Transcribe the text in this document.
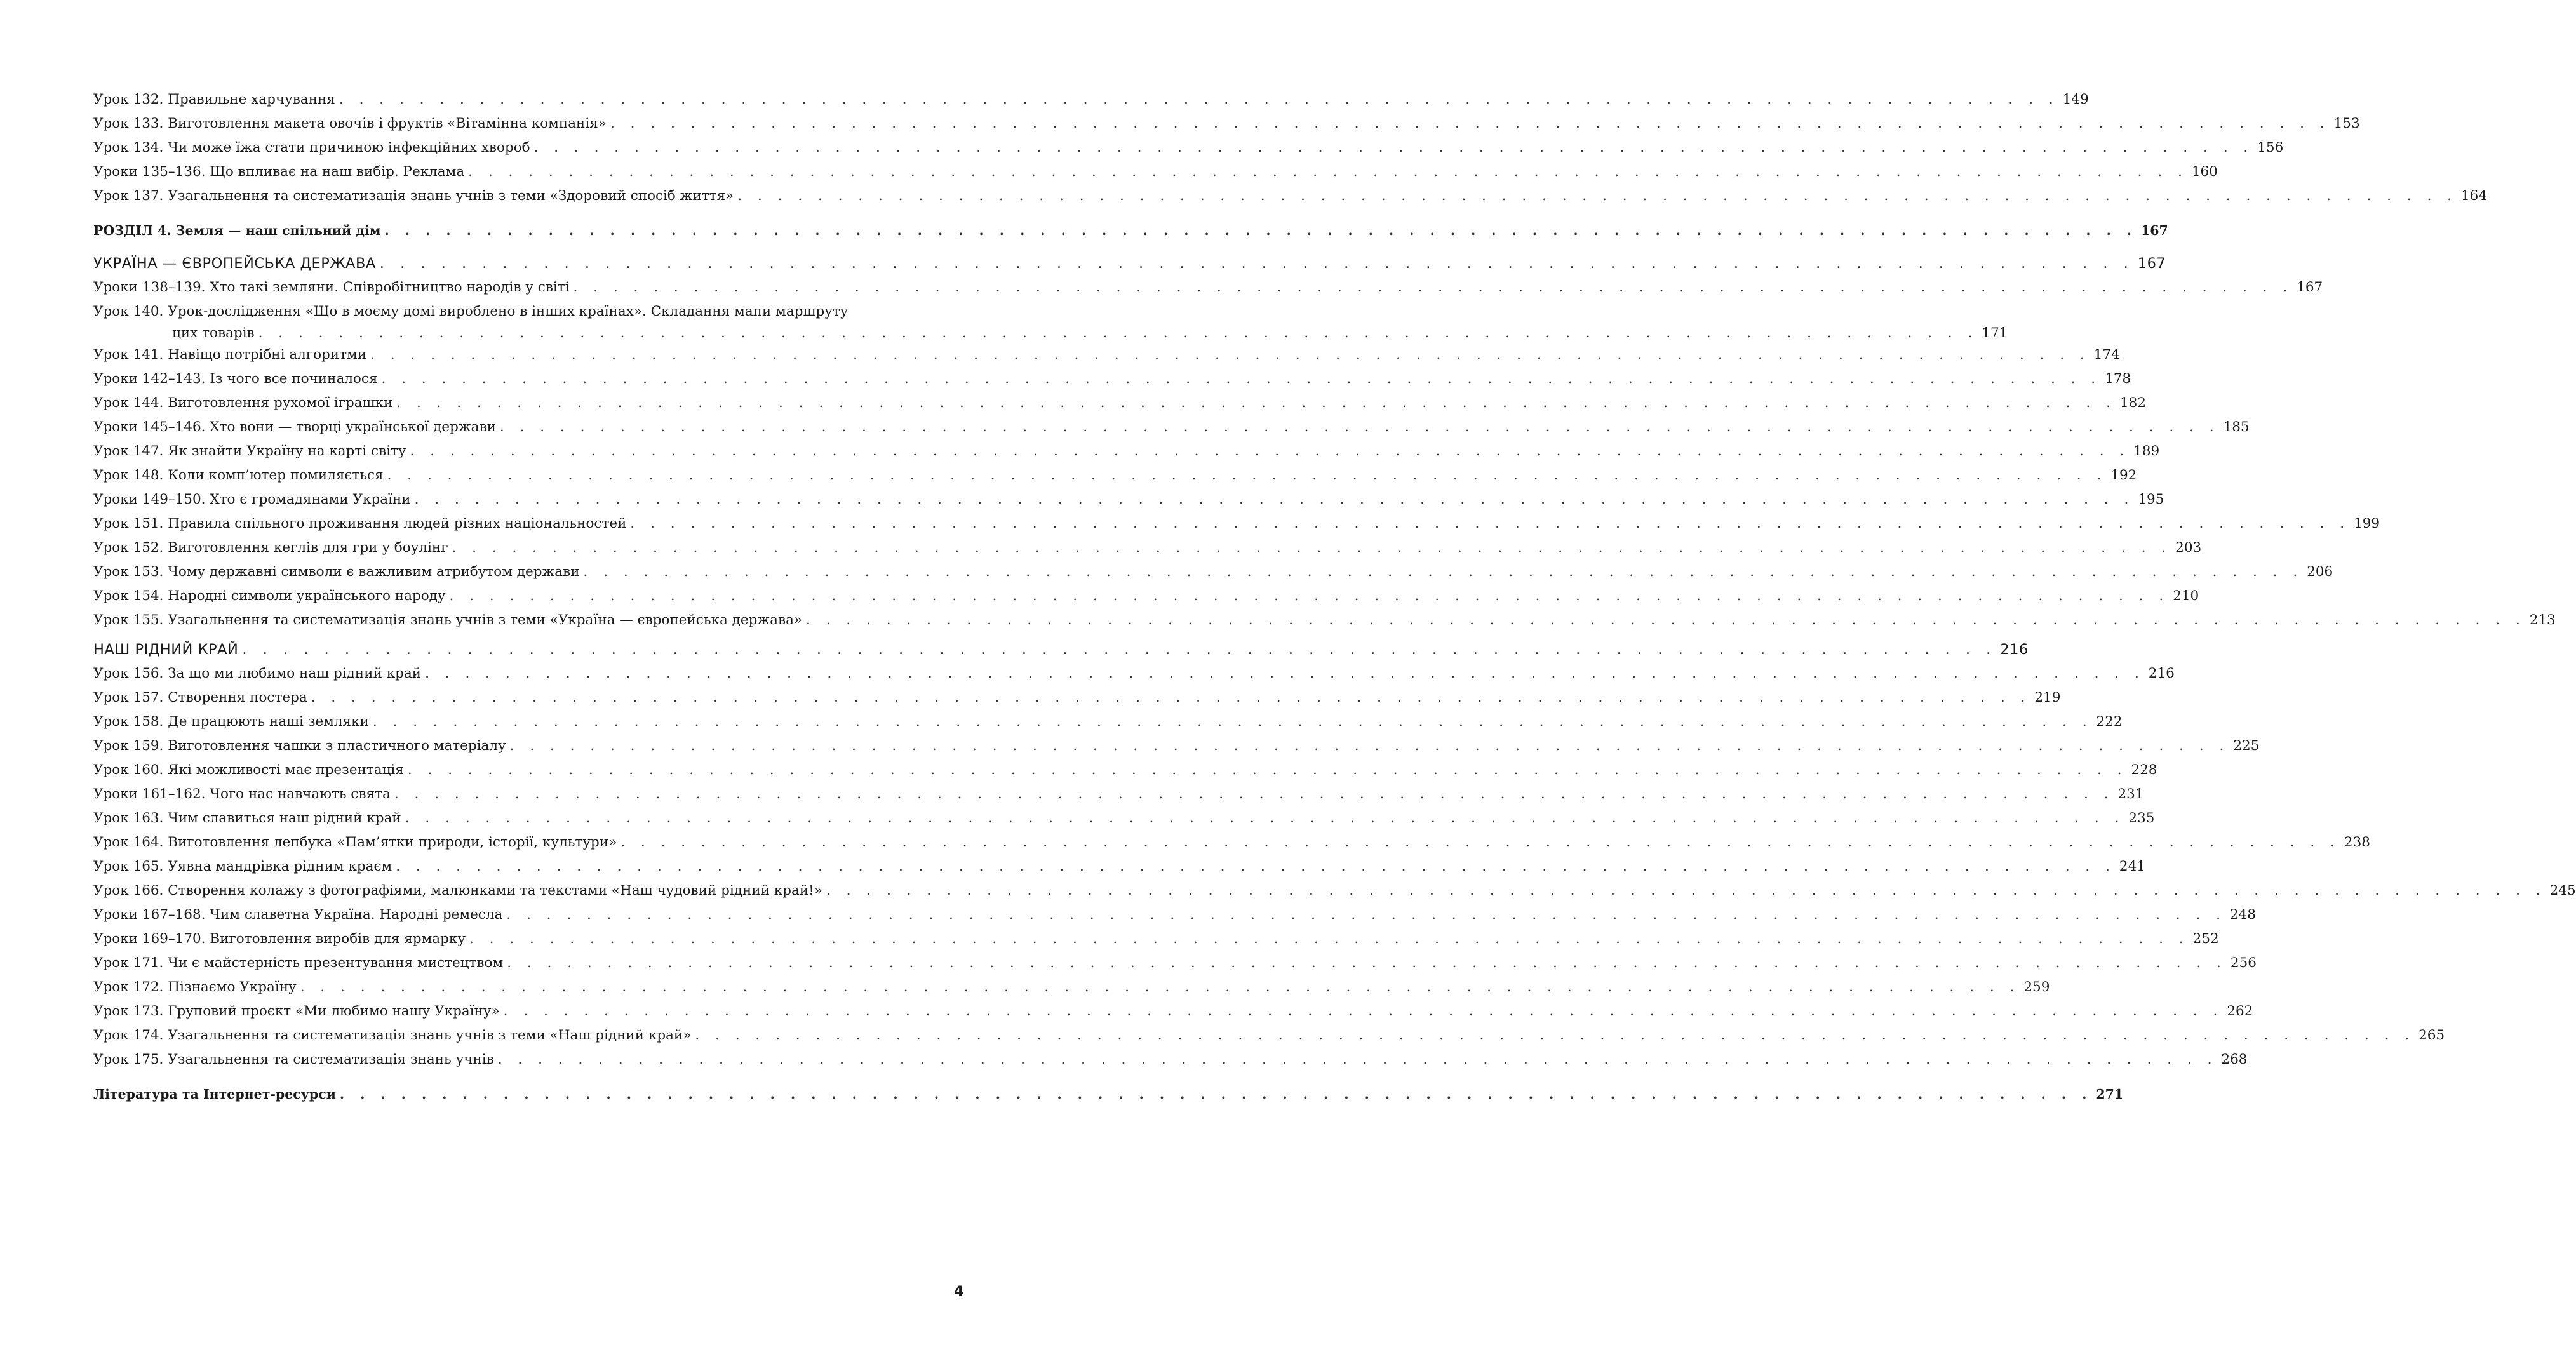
Урок 132. Правильне харчування . . . . . . . . . . . . . . . . . . . . . . . . . . . . . . . . . . . . . . . . . . . . . . . . . . . . . . . . . . . . . . . . . . . . . . . . . . . . . . . . . . . . . . 149
Урок 133. Виготовлення макета овочів і фруктів «Вітамінна компанія» . . . . . . . . . . . . . . . . . . . . . . . . . . . . . . . . . . . . . . . . . . . . . . . . . . . . . . . . . . . . . . . . . . . . . . . . . . . . . . . . . . . . . . 153
Урок 134. Чи може їжа стати причиною інфекційних хвороб . . . . . . . . . . . . . . . . . . . . . . . . . . . . . . . . . . . . . . . . . . . . . . . . . . . . . . . . . . . . . . . . . . . . . . . . . . . . . . . . . . . . . . 156
Уроки 135–136. Що впливає на наш вибір. Реклама . . . . . . . . . . . . . . . . . . . . . . . . . . . . . . . . . . . . . . . . . . . . . . . . . . . . . . . . . . . . . . . . . . . . . . . . . . . . . . . . . . . . . . 160
Урок 137. Узагальнення та систематизація знань учнів з теми «Здоровий спосіб життя» . . . . . . . . . . . . . . . . . . . . . . . . . . . . . . . . . . . . . . . . . . . . . . . . . . . . . . . . . . . . . . . . . . . . . . . . . . . . . . . . . . . . . . 164
РОЗДІЛ 4. Земля — наш спільний дім . . . . . . . . . . . . . . . . . . . . . . . . . . . . . . . . . . . . . . . . . . . . . . . . . . . . . . . . . . . . . . . . . . . . . . . . . . . . . . . . . . . . . . 167
УКРАЇНА — ЄВРОПЕЙСЬКА ДЕРЖАВА . . . . . . . . . . . . . . . . . . . . . . . . . . . . . . . . . . . . . . . . . . . . . . . . . . . . . . . . . . . . . . . . . . . . . . . . . . . . . . . . . . . . . . 167
Уроки 138–139. Хто такі земляни. Співробітництво народів у світі . . . . . . . . . . . . . . . . . . . . . . . . . . . . . . . . . . . . . . . . . . . . . . . . . . . . . . . . . . . . . . . . . . . . . . . . . . . . . . . . . . . . . . 167
Урок 140. Урок-дослідження «Що в моєму домі вироблено в інших країнах». Складання мапи маршруту
цих товарів . . . . . . . . . . . . . . . . . . . . . . . . . . . . . . . . . . . . . . . . . . . . . . . . . . . . . . . . . . . . . . . . . . . . . . . . . . . . . . . . . . . . . . 171
Урок 141. Навіщо потрібні алгоритми . . . . . . . . . . . . . . . . . . . . . . . . . . . . . . . . . . . . . . . . . . . . . . . . . . . . . . . . . . . . . . . . . . . . . . . . . . . . . . . . . . . . . . 174
Уроки 142–143. Із чого все починалося . . . . . . . . . . . . . . . . . . . . . . . . . . . . . . . . . . . . . . . . . . . . . . . . . . . . . . . . . . . . . . . . . . . . . . . . . . . . . . . . . . . . . . 178
Урок 144. Виготовлення рухомої іграшки . . . . . . . . . . . . . . . . . . . . . . . . . . . . . . . . . . . . . . . . . . . . . . . . . . . . . . . . . . . . . . . . . . . . . . . . . . . . . . . . . . . . . . 182
Уроки 145–146. Хто вони — творці української держави . . . . . . . . . . . . . . . . . . . . . . . . . . . . . . . . . . . . . . . . . . . . . . . . . . . . . . . . . . . . . . . . . . . . . . . . . . . . . . . . . . . . . . 185
Урок 147. Як знайти Україну на карті світу . . . . . . . . . . . . . . . . . . . . . . . . . . . . . . . . . . . . . . . . . . . . . . . . . . . . . . . . . . . . . . . . . . . . . . . . . . . . . . . . . . . . . . 189
Урок 148. Коли комп’ютер помиляється . . . . . . . . . . . . . . . . . . . . . . . . . . . . . . . . . . . . . . . . . . . . . . . . . . . . . . . . . . . . . . . . . . . . . . . . . . . . . . . . . . . . . . 192
Уроки 149–150. Хто є громадянами України . . . . . . . . . . . . . . . . . . . . . . . . . . . . . . . . . . . . . . . . . . . . . . . . . . . . . . . . . . . . . . . . . . . . . . . . . . . . . . . . . . . . . . 195
Урок 151. Правила спільного проживання людей різних національностей . . . . . . . . . . . . . . . . . . . . . . . . . . . . . . . . . . . . . . . . . . . . . . . . . . . . . . . . . . . . . . . . . . . . . . . . . . . . . . . . . . . . . . 199
Урок 152. Виготовлення кеглів для гри у боулінг . . . . . . . . . . . . . . . . . . . . . . . . . . . . . . . . . . . . . . . . . . . . . . . . . . . . . . . . . . . . . . . . . . . . . . . . . . . . . . . . . . . . . . 203
Урок 153. Чому державні символи є важливим атрибутом держави . . . . . . . . . . . . . . . . . . . . . . . . . . . . . . . . . . . . . . . . . . . . . . . . . . . . . . . . . . . . . . . . . . . . . . . . . . . . . . . . . . . . . . 206
Урок 154. Народні символи українського народу . . . . . . . . . . . . . . . . . . . . . . . . . . . . . . . . . . . . . . . . . . . . . . . . . . . . . . . . . . . . . . . . . . . . . . . . . . . . . . . . . . . . . . 210
Урок 155. Узагальнення та систематизація знань учнів з теми «Україна — європейська держава» . . . . . . . . . . . . . . . . . . . . . . . . . . . . . . . . . . . . . . . . . . . . . . . . . . . . . . . . . . . . . . . . . . . . . . . . . . . . . . . . . . . . . . 213
НАШ РІДНИЙ КРАЙ . . . . . . . . . . . . . . . . . . . . . . . . . . . . . . . . . . . . . . . . . . . . . . . . . . . . . . . . . . . . . . . . . . . . . . . . . . . . . . . . . . . . . . 216
Урок 156. За що ми любимо наш рідний край . . . . . . . . . . . . . . . . . . . . . . . . . . . . . . . . . . . . . . . . . . . . . . . . . . . . . . . . . . . . . . . . . . . . . . . . . . . . . . . . . . . . . . 216
Урок 157. Створення постера . . . . . . . . . . . . . . . . . . . . . . . . . . . . . . . . . . . . . . . . . . . . . . . . . . . . . . . . . . . . . . . . . . . . . . . . . . . . . . . . . . . . . . 219
Урок 158. Де працюють наші земляки . . . . . . . . . . . . . . . . . . . . . . . . . . . . . . . . . . . . . . . . . . . . . . . . . . . . . . . . . . . . . . . . . . . . . . . . . . . . . . . . . . . . . . 222
Урок 159. Виготовлення чашки з пластичного матеріалу . . . . . . . . . . . . . . . . . . . . . . . . . . . . . . . . . . . . . . . . . . . . . . . . . . . . . . . . . . . . . . . . . . . . . . . . . . . . . . . . . . . . . . 225
Урок 160. Які можливості має презентація . . . . . . . . . . . . . . . . . . . . . . . . . . . . . . . . . . . . . . . . . . . . . . . . . . . . . . . . . . . . . . . . . . . . . . . . . . . . . . . . . . . . . . 228
Уроки 161–162. Чого нас навчають свята . . . . . . . . . . . . . . . . . . . . . . . . . . . . . . . . . . . . . . . . . . . . . . . . . . . . . . . . . . . . . . . . . . . . . . . . . . . . . . . . . . . . . . 231
Урок 163. Чим славиться наш рідний край . . . . . . . . . . . . . . . . . . . . . . . . . . . . . . . . . . . . . . . . . . . . . . . . . . . . . . . . . . . . . . . . . . . . . . . . . . . . . . . . . . . . . . 235
Урок 164. Виготовлення лепбука «Пам’ятки природи, історії, культури» . . . . . . . . . . . . . . . . . . . . . . . . . . . . . . . . . . . . . . . . . . . . . . . . . . . . . . . . . . . . . . . . . . . . . . . . . . . . . . . . . . . . . . 238
Урок 165. Уявна мандрівка рідним краєм . . . . . . . . . . . . . . . . . . . . . . . . . . . . . . . . . . . . . . . . . . . . . . . . . . . . . . . . . . . . . . . . . . . . . . . . . . . . . . . . . . . . . . 241
Урок 166. Створення колажу з фотографіями, малюнками та текстами «Наш чудовий рідний край!» . . . . . . . . . . . . . . . . . . . . . . . . . . . . . . . . . . . . . . . . . . . . . . . . . . . . . . . . . . . . . . . . . . . . . . . . . . . . . . . . . . . . . . 245
Уроки 167–168. Чим славетна Україна. Народні ремесла . . . . . . . . . . . . . . . . . . . . . . . . . . . . . . . . . . . . . . . . . . . . . . . . . . . . . . . . . . . . . . . . . . . . . . . . . . . . . . . . . . . . . . 248
Уроки 169–170. Виготовлення виробів для ярмарку . . . . . . . . . . . . . . . . . . . . . . . . . . . . . . . . . . . . . . . . . . . . . . . . . . . . . . . . . . . . . . . . . . . . . . . . . . . . . . . . . . . . . . 252
Урок 171. Чи є майстерність презентування мистецтвом . . . . . . . . . . . . . . . . . . . . . . . . . . . . . . . . . . . . . . . . . . . . . . . . . . . . . . . . . . . . . . . . . . . . . . . . . . . . . . . . . . . . . . 256
Урок 172. Пізнаємо Україну . . . . . . . . . . . . . . . . . . . . . . . . . . . . . . . . . . . . . . . . . . . . . . . . . . . . . . . . . . . . . . . . . . . . . . . . . . . . . . . . . . . . . . 259
Урок 173. Груповий проєкт «Ми любимо нашу Україну» . . . . . . . . . . . . . . . . . . . . . . . . . . . . . . . . . . . . . . . . . . . . . . . . . . . . . . . . . . . . . . . . . . . . . . . . . . . . . . . . . . . . . . 262
Урок 174. Узагальнення та систематизація знань учнів з теми «Наш рідний край» . . . . . . . . . . . . . . . . . . . . . . . . . . . . . . . . . . . . . . . . . . . . . . . . . . . . . . . . . . . . . . . . . . . . . . . . . . . . . . . . . . . . . . 265
Урок 175. Узагальнення та систематизація знань учнів . . . . . . . . . . . . . . . . . . . . . . . . . . . . . . . . . . . . . . . . . . . . . . . . . . . . . . . . . . . . . . . . . . . . . . . . . . . . . . . . . . . . . . 268
Література та Інтернет-ресурси . . . . . . . . . . . . . . . . . . . . . . . . . . . . . . . . . . . . . . . . . . . . . . . . . . . . . . . . . . . . . . . . . . . . . . . . . . . . . . . . . . . . . . 271
4
